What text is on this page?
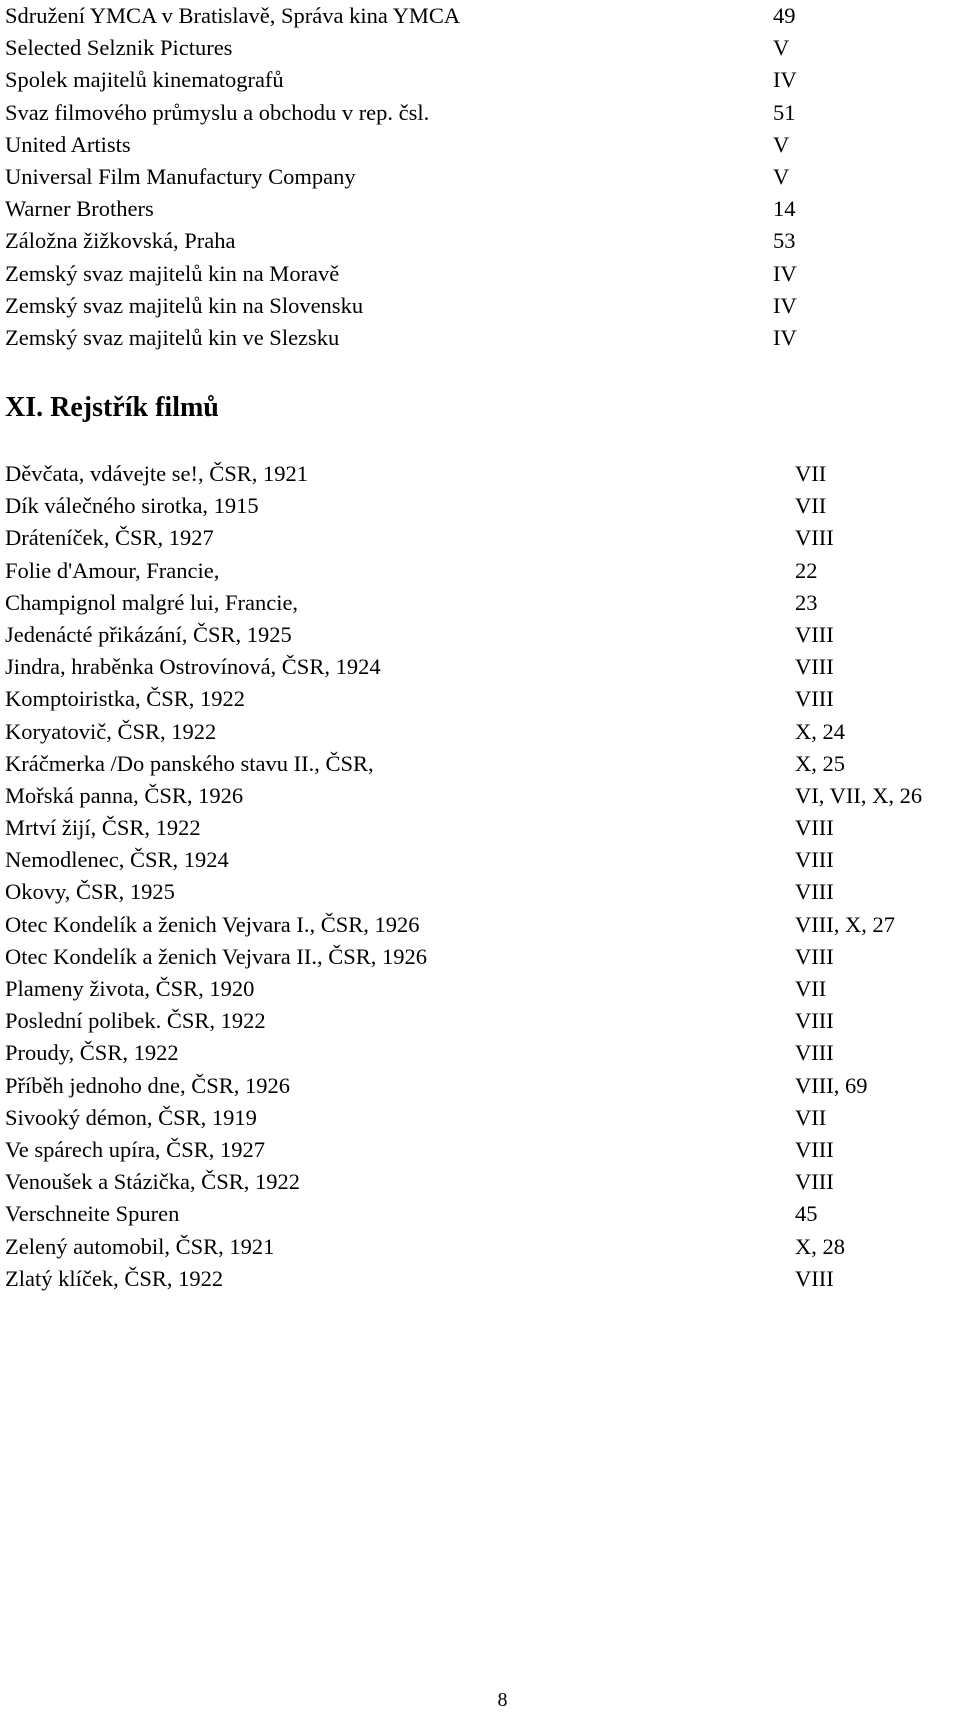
Sdružení YMCA v Bratislavě, Správa kina YMCA	49
Selected Selznik Pictures	V
Spolek majitelů kinematografů	IV
Svaz filmového průmyslu a obchodu v rep. čsl.	51
United Artists	V
Universal Film Manufactury Company	V
Warner Brothers	14
Záložna žižkovská, Praha	53
Zemský svaz majitelů kin na Moravě	IV
Zemský svaz majitelů kin na Slovensku	IV
Zemský svaz majitelů kin ve Slezsku	IV
XI. Rejstřík filmů
Děvčata, vdávejte se!, ČSR, 1921	VII
Dík válečného sirotka, 1915	VII
Dráteníček, ČSR, 1927	VIII
Folie d'Amour, Francie,	22
Champignol malgré lui, Francie,	23
Jedenácté přikázání, ČSR, 1925	VIII
Jindra, hraběnka Ostrovínová, ČSR, 1924	VIII
Komptoiristka, ČSR, 1922	VIII
Koryatovič, ČSR, 1922	X, 24
Kráčmerka /Do panského stavu II., ČSR,	X, 25
Mořská panna, ČSR, 1926	VI, VII, X, 26
Mrtví žijí, ČSR, 1922	VIII
Nemodlenec, ČSR, 1924	VIII
Okovy, ČSR, 1925	VIII
Otec Kondelík a ženich Vejvara I., ČSR, 1926	VIII, X, 27
Otec Kondelík a ženich Vejvara II., ČSR, 1926	VIII
Plameny života, ČSR, 1920	VII
Poslední polibek. ČSR, 1922	VIII
Proudy, ČSR, 1922	VIII
Příběh jednoho dne, ČSR, 1926	VIII, 69
Sivooký démon, ČSR, 1919	VII
Ve spárech upíra, ČSR, 1927	VIII
Venoušek a Stázička, ČSR, 1922	VIII
Verschneite Spuren	45
Zelený automobil, ČSR, 1921	X, 28
Zlatý klíček, ČSR, 1922	VIII
8
